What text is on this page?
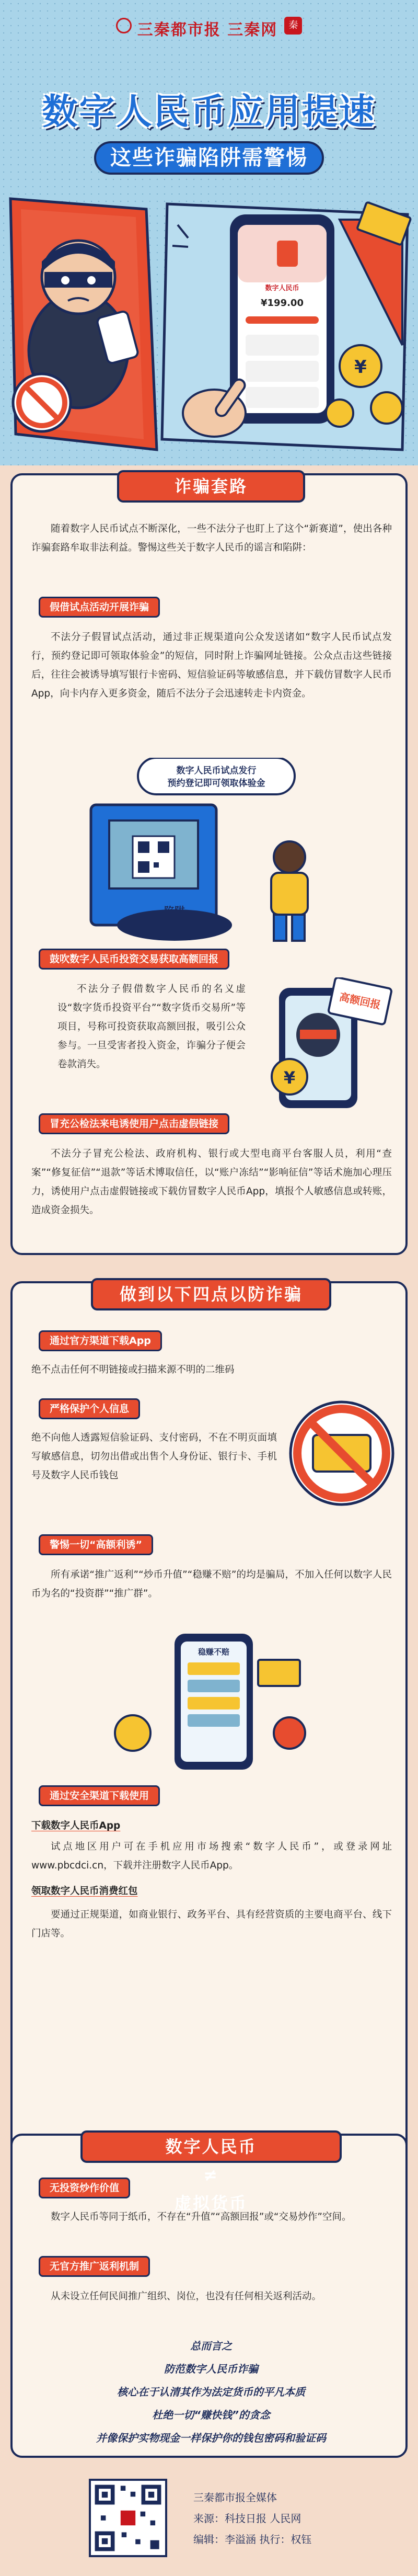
三秦都市报 三秦网 秦
数字人民币应用提速
这些诈骗陷阱需警惕
数字人民币
¥199.00
¥
诈骗套路

随着数字人民币试点不断深化，一些不法分子也盯上了这个“新赛道”，使出各种诈骗套路牟取非法利益。警惕这些关于数字人民币的谣言和陷阱：

假借试点活动开展诈骗

不法分子假冒试点活动，通过非正规渠道向公众发送诸如“数字人民币试点发行，预约登记即可领取体验金”的短信，同时附上诈骗网址链接。公众点击这些链接后，往往会被诱导填写银行卡密码、短信验证码等敏感信息，并下载仿冒数字人民币App，向卡内存入更多资金，随后不法分子会迅速转走卡内资金。

数字人民币试点发行
预约登记即可领取体验金
陷阱
鼓吹数字人民币投资交易获取高额回报

不法分子假借数字人民币的名义虚设“数字货币投资平台”“数字货币交易所”等项目，号称可投资获取高额回报，吸引公众参与。一旦受害者投入资金，诈骗分子便会卷款消失。

高额回报
¥
冒充公检法来电诱使用户点击虚假链接

不法分子冒充公检法、政府机构、银行或大型电商平台客服人员，利用“查案”“修复征信”“退款”等话术博取信任，以“账户冻结”“影响征信”等话术施加心理压力，诱使用户点击虚假链接或下载仿冒数字人民币App，填报个人敏感信息或转账，造成资金损失。

做到以下四点以防诈骗
通过官方渠道下载App

绝不点击任何不明链接或扫描来源不明的二维码

严格保护个人信息

绝不向他人透露短信验证码、支付密码，不在不明页面填写敏感信息，切勿出借或出售个人身份证、银行卡、手机号及数字人民币钱包

警惕一切“高额利诱”

所有承诺“推广返利”“炒币升值”“稳赚不赔”的均是骗局，不加入任何以数字人民币为名的“投资群”“推广群”。

稳赚不赔
通过安全渠道下载使用

下载数字人民币App

试点地区用户可在手机应用市场搜索“数字人民币”，或登录网址www.pbcdci.cn，下载并注册数字人民币App。

领取数字人民币消费红包

要通过正规渠道，如商业银行、政务平台、具有经营资质的主要电商平台、线下门店等。

数字人民币
≠
虚拟货币
无投资炒作价值

数字人民币等同于纸币，不存在“升值”“高额回报”或“交易炒作”空间。

无官方推广返利机制

从未设立任何民间推广组织、岗位，也没有任何相关返利活动。

总而言之

防范数字人民币诈骗

核心在于认清其作为法定货币的平凡本质

杜绝一切“赚快钱”的贪念

并像保护实物现金一样保护你的钱包密码和验证码

三秦都市报全媒体
来源：科技日报 人民网
编辑：李溢涵 执行：权钰
